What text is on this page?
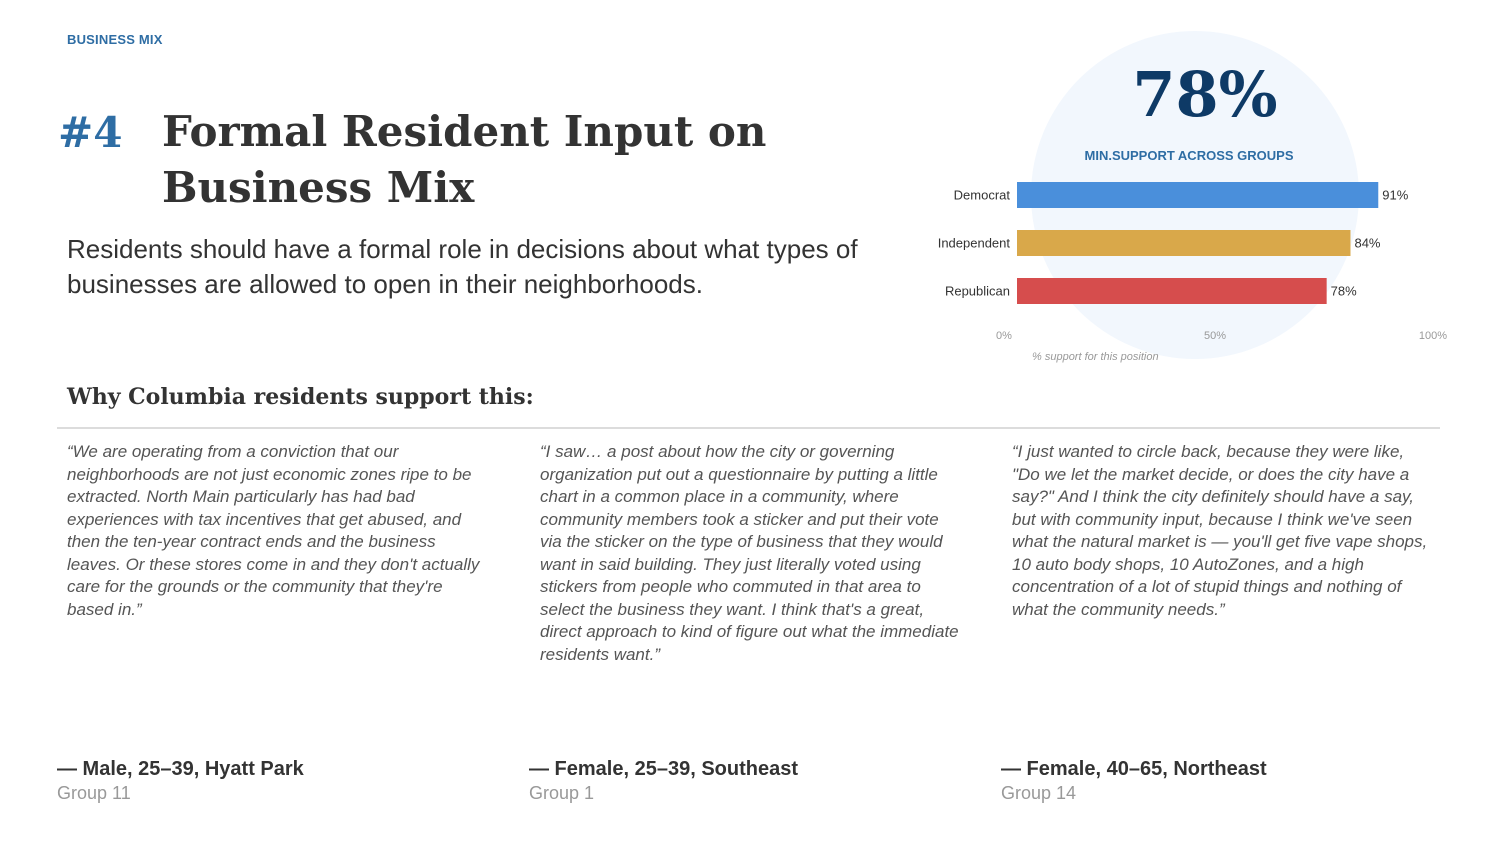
BUSINESS MIX
#4 Formal Resident Input on Business Mix

Residents should have a formal role in decisions about what types of businesses are allowed to open in their neighborhoods.

78%
MIN.SUPPORT ACROSS GROUPS
Democrat	91%
Independent	84%
Republican	78%
0%	50%	100%
% support for this position
Why Columbia residents support this:

“We are operating from a conviction that our neighborhoods are not just economic zones ripe to be extracted. North Main particularly has had bad experiences with tax incentives that get abused, and then the ten-year contract ends and the business leaves. Or these stores come in and they don't actually care for the grounds or the community that they're based in.”

“I saw… a post about how the city or governing organization put out a questionnaire by putting a little chart in a common place in a community, where community members took a sticker and put their vote via the sticker on the type of business that they would want in said building. They just literally voted using stickers from people who commuted in that area to select the business they want. I think that's a great, direct approach to kind of figure out what the immediate residents want.”

“I just wanted to circle back, because they were like, "Do we let the market decide, or does the city have a say?" And I think the city definitely should have a say, but with community input, because I think we've seen what the natural market is — you'll get five vape shops, 10 auto body shops, 10 AutoZones, and a high concentration of a lot of stupid things and nothing of what the community needs.”

— Male, 25–39, Hyatt Park	— Female, 25–39, Southeast	— Female, 40–65, Northeast

Group 11	Group 1	Group 14
